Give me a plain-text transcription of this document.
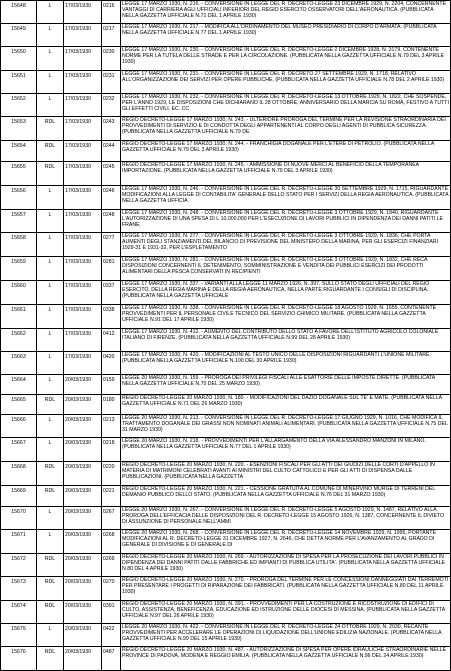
15648	L	17/03/1930	0216	LEGGE 17 MARZO 1930, N. 216. - CONVERSIONE IN LEGGE DEL R. DECRETO-LEGGE 23 DICEMBRE 1929, N. 2204, CONCERNENTE VANTAGGI DI CARRIERA AGLI UFFICIALI INFERIORI DEL REGIO ESERCITO OSSERVATORI DELL'AERONAUTICA. (PUBBLICATA NELLA GAZZETTA UFFICIALE N.71 DEL 1 APRILE 1930)

15649	L	17/03/1930	0217	LEGGE 17 MARZO 1930, N. 217. - MODIFICA ALL'ORDINAMENTO DEL MUSEO PRESIDIARIO DI CORPO D'ARMATA. (PUBBLICATA NELLA GAZZETTA UFFICIALE N.77 DEL 1 APRILE 1930)

15650	L	17/03/1930	0230	LEGGE 17 MARZO 1930, N. 230. - CONVERSIONE IN LEGGE DEL R. DECRETO-LEGGE 2 DICEMBRE 1928, N. 3179, CONTENENTE NORME PER LA TUTELA DELLE STRADE E PER LA CIRCOLAZIONE. (PUBBLICATA NELLA GAZZETTA UFFICIALE N.79 DEL 3 APRILE 1930)

15651	L	17/03/1930	0231	LEGGE 17 MARZO 1930, N. 231. - CONVERSIONE IN LEGGE DEL R. DECRETO 27 SETTEMBRE 1929, N. 1718, RELATIVO ALL'ORGANIZZAZIONE DEI SERVIZI PER OPERE PUBBLICHE. (PUBBLICATA NELLA GAZZETTA UFFICIALE N.78 DEL 2 APRILE 1930)

15652	L	17/03/1930	0232	LEGGE 17 MARZO 1930, N. 232. - CONVERSIONE IN LEGGE DEL R. DECRETO-LEGGE 13 OTTOBRE 1929, N. 1822, CHE SOSPENDE, PER L'ANNO 1929, LE DISPOSIZIONI CHE DICHIARANO IL 28 OTTOBRE, ANNIVERSARIO DELLA MARCIA SU ROMA, FESTIVO A TUTTI GLI EFFETTI CIVILI. EC. CC

15653	RDL	17/03/1930	0243	REGIO DECRETO-LEGGE 17 MARZO 1930, N. 243. - ULTERIORE PROROGA DEL TERMINE PER LA REVISIONE STRAORDINARIA DEI PROVVEDIMENTI DI SERVIZIO E DI CONDOTTA DEGLI APPARTENENTI AL CORPO DEGLI AGENTI DI PUBBLICA SICUREZZA. (PUBBLICATA NELLA GAZZETTA UFFICIALE N.79 DE

15654	RDL	17/03/1930	0244	REGIO DECRETO-LEGGE 17 MARZO 1930, N. 244. - FRANCHIGIA DOGANALE PER L'ETERE DI PETROLIO. (PUBBLICATA NELLA GAZZETTA UFFICIALE N.79 DEL 3 APRILE 1930)

15655	RDL	17/03/1930	0245	REGIO DECRETO-LEGGE 17 MARZO 1930, N. 245. - AMMISSIONE DI NUOVE MERCI AL BENEFICIO DELLA TEMPORANEA IMPORTAZIONE. (PUBBLICATA NELLA GAZZETTA UFFICIALE N.79 DEL 3 APRILE 1930)

15656	L	17/03/1930	0246	LEGGE 17 MARZO 1930, N. 246. - CONVERSIONE IN LEGGE DEL R. DECRETO-LEGGE 30 SETTEMBRE 1929, N. 1715, RIGUARDANTE MODIFICAZIONI ALLA LEGGE DI CONTABILITA' GENERALE DELLO STATO PER I SERVIZI DELLA REGIA AERONAUTICA. (PUBBLICATA NELLA GAZZETTA UFFICIA

15657	L	17/03/1930	0248	LEGGE 17 MARZO 1930, N. 248. - CONVERSIONE IN LEGGE DEL R. DECRETO-LEGGE 3 OTTOBRE 1929, N. 1840, RIGUARDANTE L'AUTORIZZAZIONE DI UNA SPESA DI L.10.000.000 PER L'ESECUZIONE DI LAVORI PUBBLICI IN DIPENDENZA DEI DANNI PATITI LE FRANE.

15658	L	17/03/1930	0277	LEGGE 17 MARZO 1930, N. 277. - CONVERSIONE IN LEGGE DEL R. DECRETO-LEGGE 3 OTTOBRE 1929, N. 1836, CHE PORTA AUMENTI DEGLI STANZIAMENTI DEL BILANCIO DI PREVISIONE DEL MINISTERO DELLA MARINA, PER GLI ESERCIZI FINANZIARI 1929-31 E 1931-32, PER L'ESPLETAMENTO

15659	L	17/03/1930	0281	LEGGE 17 MARZO 1930, N. 281. - CONVERSIONE IN LEGGE DEL R. DECRETO-LEGGE 3 OTTOBRE 1929, N. 1832, CHE RECA DISPOSIZIONI CONCERNENTI IL DETENIMENTO, SOMMINISTRAZIONE E VENDITA DEI PUBBLICI ESERCIZI DEI PRODOTTI ALIMENTARI DELLA PESCA CONSERVATI IN RECIPIENTI

15660	L	17/03/1930	0337	LEGGE 17 MARZO 1930, N. 337. - VARIANTI ALLA LEGGE 11 MARZO 1926, N. 397, SULLO STATO DEGLI UFFICIALI DEL REGIO ESERCITO, DELLA REGIA MARINA E DELLA REGIA AERONAUTICA, NELLA PARTE RIGUARDANTE I CONSIGLI DI DISCIPLINA. (PUBBLICATA NELLA GAZZETTA UFFICIALE

15661	L	17/03/1930	0338	LEGGE 17 MARZO 1930, N. 338. - CONVERSIONE IN LEGGE DEL R. DECRETO-LEGGE 18 AGOSTO 1929, N. 1655, CONTENENTE PROVVEDIMENTI PER IL PERSONALE CIVILE TECNICO DEL SERVIZIO CHIMICO MILITARE. (PUBBLICATA NELLA GAZZETTA UFFICIALE N.91 DEL 17 APRILE 1930)

15662	L	17/03/1930	0412	LEGGE 17 MARZO 1930, N. 412. - AUMENTO DEL CONTRIBUTO DELLO STATO A FAVORE DELL'ISTITUTO AGRICOLO COLONIALE ITALIANO DI FIRENZE. (PUBBLICATA NELLA GAZZETTA UFFICIALE N.99 DEL 28 APRILE 1930)

15663	L	17/03/1930	0420	LEGGE 17 MARZO 1930, N. 420. - MODIFICAZIONI AL TESTO UNICO DELLE DISPOSIZIONI RIGUARDANTI L'UNIONE MILITARE. (PUBBLICATA NELLA GAZZETTA UFFICIALE N.100 DEL 30 APRILE 1930)

15664	L	20/03/1930	0159	LEGGE 20 MARZO 1930, N. 159. - PROROGA DEI PRIVILEGI FISCALI ALLE ESATTORIE DELLE IMPOSTE DIRETTE. (PUBBLICATA NELLA GAZZETTA UFFICIALE N.70 DEL 25 MARZO 1930)

15665	RDL	20/03/1930	0180	REGIO DECRETO-LEGGE 20 MARZO 1930, N. 180. - MODIFICAZIONI DEL DAZIO DOGANALE SUL TE' E MATE. (PUBBLICATA NELLA GAZZETTA UFFICIALE N.71 DEL 26 MARZO 1930)

15666	L	20/03/1930	0213	LEGGE 20 MARZO 1930, N. 213. - CONVERSIONE IN LEGGE DEL R. DECRETO-LEGGE 17 GIUGNO 1929, N. 1016, CHE MODIFICA IL TRATTAMENTO DOGANALE DEI GRASSI NON NOMINATI ANIMALI ALIMENTARI. (PUBBLICATA NELLA GAZZETTA UFFICIALE N.75 DEL 31 MARZO 1930)

15667	L	20/03/1930	0218	LEGGE 20 MARZO 1930, N. 218. - PROVVEDIMENTI PER L'ALLARGAMENTO DELLA VIA ALESSANDRO MANZONI IN MILANO. (PUBBLICATA NELLA GAZZETTA UFFICIALE N.77 DEL 1 APRILE 1930)

15668	RDL	20/03/1930	0220	REGIO DECRETO-LEGGE 20 MARZO 1930, N. 220. - ESENZIONI FISCALI PER GLI ATTI DEI GIUDIZI DELLE CORTI D'APPELLO IN MATERIA DI MATRIMONI CELEBRATI AVANTI AI MINISTRI DEL CULTO CATTOLICO E PER GLI ATTI DI DISPENSA DALLE PUBBLICAZIONI. (PUBBLICATA NELLA GAZZETTA

15669	RDL	20/03/1930	0221	REGIO DECRETO-LEGGE 20 MARZO 1930, N. 221. - CESSIONE GRATUITA AL COMUNE DI MINERVINO MURGE DI TERRENI DEL DEMANIO PUBBLICO DELLO STATO. (PUBBLICATA NELLA GAZZETTA UFFICIALE N.76 DEL 31 MARZO 1930)

15670	L	20/03/1930	0267	LEGGE 20 MARZO 1930, N. 267. - CONVERSIONE IN LEGGE DEL R. DECRETO-LEGGE 5 AGOSTO 1929, N. 1487, RELATIVO ALLA PROROGA DELL'EFFICACIA DELLE DISPOSIZIONI DEL R. DECRETO-LEGGE 15 AGOSTO 1926, N. 1387, CONCERNENTE IL DIVIETO DI ASSUNZIONE DI PERSONALE NELL'AMMI

15671	L	20/03/1930	0268	LEGGE 20 MARZO 1930, N. 268. - CONVERSIONE IN LEGGE DEL R. DECRETO-LEGGE 14 NOVEMBRE 1929, N. 1995, PORTANTE MODIFICAZIONI AL R. DECRETO-LEGGE 31 DICEMBRE 1927, N. 2646, CHE DETTA NORME PER L'AVANZAMENTO AL GRADO DI GENERALE DI DIVISIONE E DI GENERALE DI

15672	RDL	20/03/1930	0269	REGIO DECRETO-LEGGE 20 MARZO 1930, N. 269. - AUTORIZZAZIONE DI SPESA PER LA PROSECUZIONE DEI LAVORI PUBBLICI IN DIPENDENZA DEI DANNI PATITI DALLE FABBRICHE ED IMPIANTI DI PUBBLICA UTILITA'. (PUBBLICATA NELLA GAZZETTA UFFICIALE N.80 DEL 4 APRILE 1930)

15673	RDL	20/03/1930	0270	REGIO DECRETO-LEGGE 20 MARZO 1930, N. 270. - PROROGA DEL TERMINE PER LE CONCESSIONI DANNEGGIATI DAI TERREMOTI PER PRESENTARE I PROGETTI DI RIPARAZIONE DEI FABBRICATI. (PUBBLICATA NELLA GAZZETTA UFFICIALE N.80 DEL 11 APRILE 1930)

15674	RDL	20/03/1930	0391	REGIO DECRETO-LEGGE 20 MARZO 1930, N. 391. - PROVVEDIMENTI PER LA COSTRUZIONE E RICOSTRUZIONE DI EDIFICI DI CULTO, ASSISTENZA, BENEFICENZA, EDUCAZIONE ED ISTRUZIONE DELLE DIOCESI DI MESSINA. (PUBBLICATA NELLA GAZZETTA UFFICIALE N.97 DEL 26 APRILE 1930)

15675	L	20/03/1930	0422	LEGGE 20 MARZO 1930, N. 422. - CONVERSIONE IN LEGGE DEL R. DECRETO-LEGGE 24 OTTOBRE 1929, N. 2030, RECANTE PROVVEDIMENTI PER ACCELERARE LE OPERAZIONI DI LIQUIDAZIONE DELL'UNIONE EDILIZIA NAZIONALE. (PUBBLICATA NELLA GAZZETTA UFFICIALE N.99 DEL 15 APRILE 1930)

15676	RDL	20/03/1930	0487	REGIO DECRETO-LEGGE 20 MARZO 1930, N. 487. - AUTORIZZAZIONE DI SPESA PER OPERE IDRAULICHE STRAORDINARIE NELLE PROVINCE DI PADOVA, MODENA E REGGIO EMILIA. (PUBBLICATA NELLA GAZZETTA UFFICIALE N.96 DEL 24 APRILE 1930)
